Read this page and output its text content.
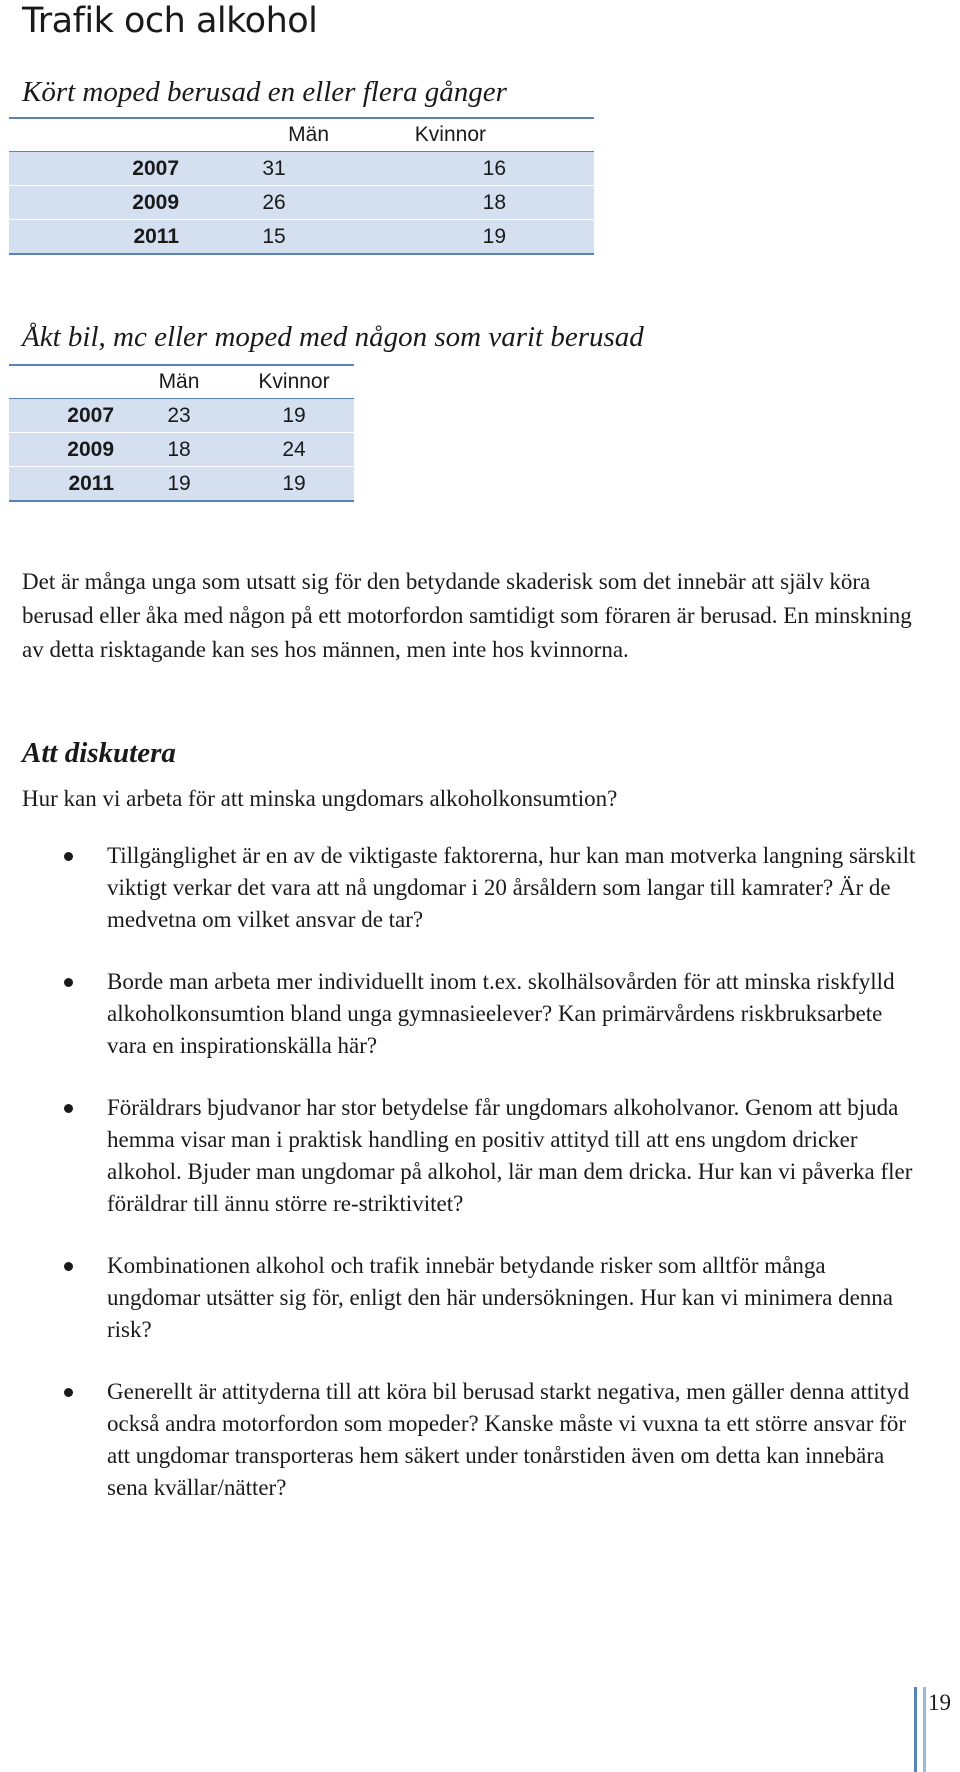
Trafik och alkohol

Kört moped berusad en eller flera gånger

	Män	Kvinnor
2007	31	16
2009	26	18
2011	15	19

Åkt bil, mc eller moped med någon som varit berusad

	Män	Kvinnor
2007	23	19
2009	18	24
2011	19	19

Det är många unga som utsatt sig för den betydande skaderisk som det innebär att själv köra berusad eller åka med någon på ett motorfordon samtidigt som föraren är berusad. En minskning av detta risktagande kan ses hos männen, men inte hos kvinnorna.

Att diskutera

Hur kan vi arbeta för att minska ungdomars alkoholkonsumtion?

Tillgänglighet är en av de viktigaste faktorerna, hur kan man motverka langning särskilt viktigt verkar det vara att nå ungdomar i 20 årsåldern som langar till kamrater? Är de medvetna om vilket ansvar de tar?
Borde man arbeta mer individuellt inom t.ex. skolhälsovården för att minska riskfylld alkoholkonsumtion bland unga gymnasieelever? Kan primärvårdens riskbruksarbete vara en inspirationskälla här?
Föräldrars bjudvanor har stor betydelse får ungdomars alkoholvanor. Genom att bjuda hemma visar man i praktisk handling en positiv attityd till att ens ungdom dricker alkohol. Bjuder man ungdomar på alkohol, lär man dem dricka. Hur kan vi påverka fler föräldrar till ännu större re-striktivitet?
Kombinationen alkohol och trafik innebär betydande risker som alltför många ungdomar utsätter sig för, enligt den här undersökningen. Hur kan vi minimera denna risk?
Generellt är attityderna till att köra bil berusad starkt negativa, men gäller denna attityd också andra motorfordon som mopeder? Kanske måste vi vuxna ta ett större ansvar för att ungdomar transporteras hem säkert under tonårstiden även om detta kan innebära sena kvällar/nätter?
19
